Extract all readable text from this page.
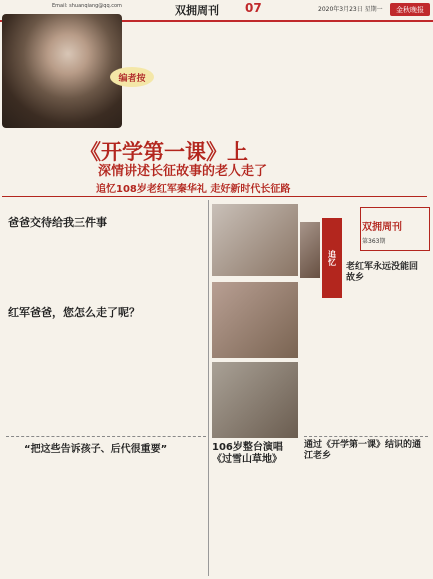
Email: shuanqiang@qq.com	双拥周刊 07	2020年3月23日 星期一	金秋晚报
编者按
《开学第一课》上
深情讲述长征故事的老人走了
追忆108岁老红军秦华礼 走好新时代长征路
爸爸交待给我三件事
红军爸爸，您怎么走了呢？
“把这些告诉孩子、后代很重要”	106岁整台演唱《过雪山草地》
双拥周刊
第363期
追忆
老红军永远没能回故乡
通过《开学第一课》结识的通江老乡
